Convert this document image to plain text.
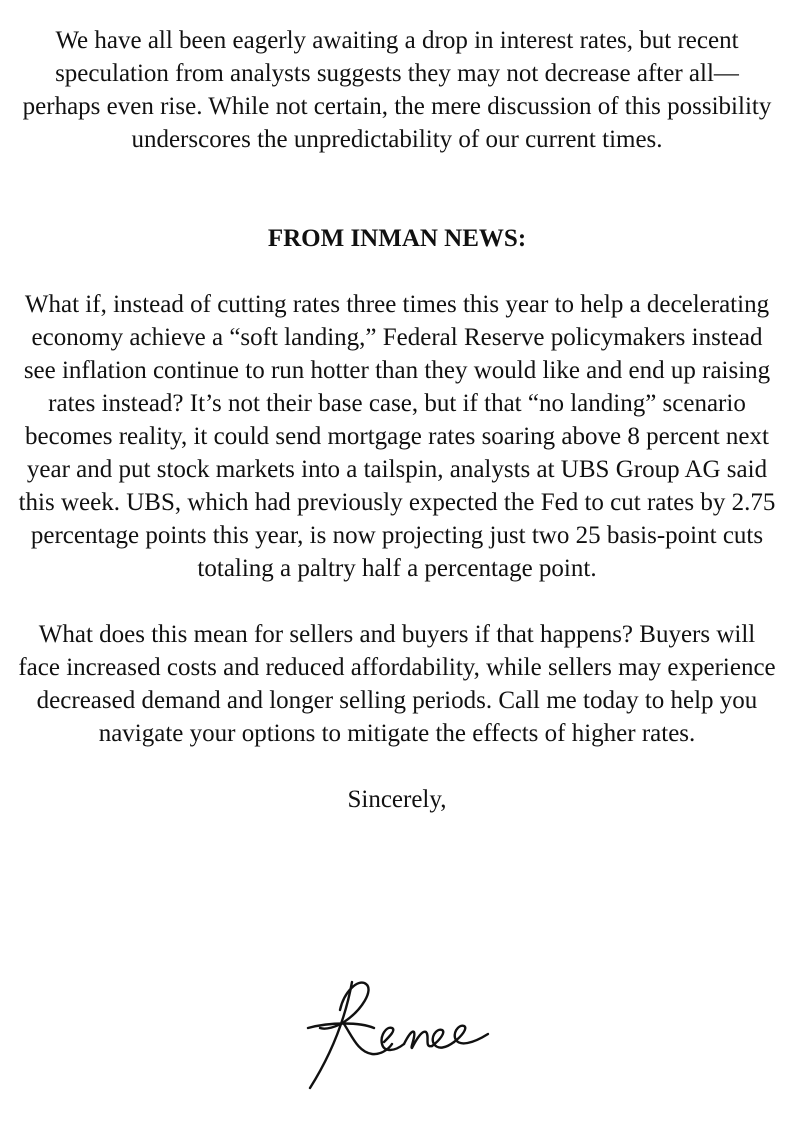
We have all been eagerly awaiting a drop in interest rates, but recent speculation from analysts suggests they may not decrease after all—perhaps even rise. While not certain, the mere discussion of this possibility underscores the unpredictability of our current times.

FROM INMAN NEWS:

What if, instead of cutting rates three times this year to help a decelerating economy achieve a “soft landing,” Federal Reserve policymakers instead see inflation continue to run hotter than they would like and end up raising rates instead? It’s not their base case, but if that “no landing” scenario becomes reality, it could send mortgage rates soaring above 8 percent next year and put stock markets into a tailspin, analysts at UBS Group AG said this week. UBS, which had previously expected the Fed to cut rates by 2.75 percentage points this year, is now projecting just two 25 basis-point cuts totaling a paltry half a percentage point.

What does this mean for sellers and buyers if that happens? Buyers will face increased costs and reduced affordability, while sellers may experience decreased demand and longer selling periods. Call me today to help you navigate your options to mitigate the effects of higher rates.

Sincerely,
